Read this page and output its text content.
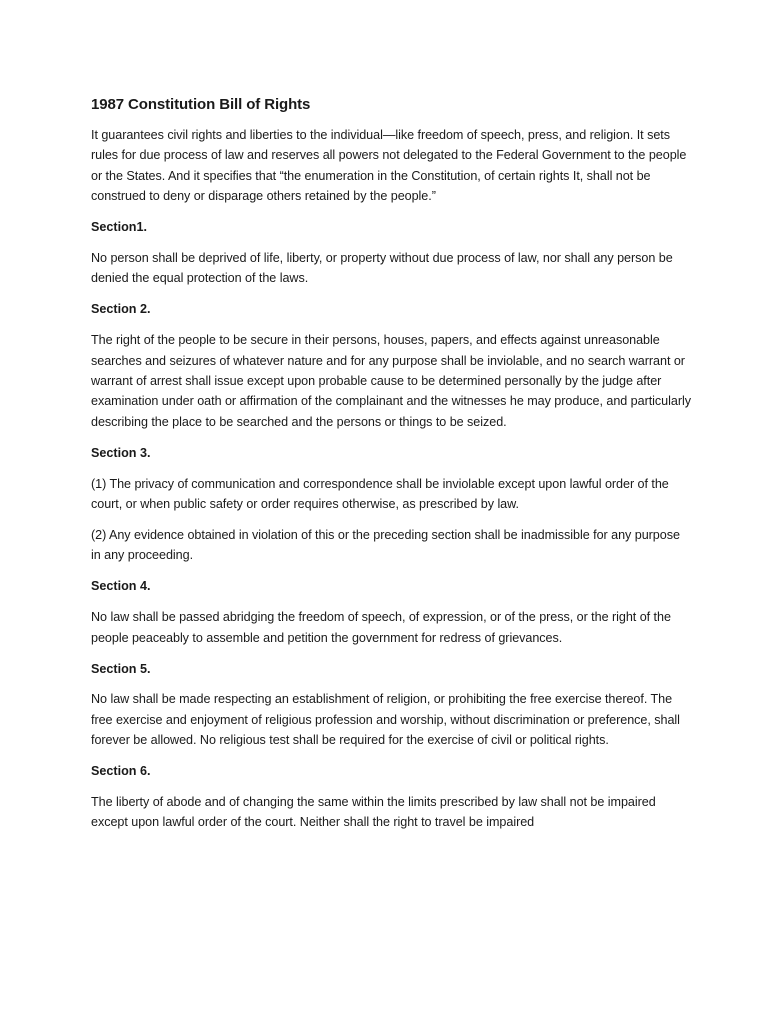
1987 Constitution Bill of Rights

It guarantees civil rights and liberties to the individual—like freedom of speech, press, and religion. It sets rules for due process of law and reserves all powers not delegated to the Federal Government to the people or the States. And it specifies that “the enumeration in the Constitution, of certain rights It, shall not be construed to deny or disparage others retained by the people.”

Section1.

No person shall be deprived of life, liberty, or property without due process of law, nor shall any person be denied the equal protection of the laws.

Section 2.

The right of the people to be secure in their persons, houses, papers, and effects against unreasonable searches and seizures of whatever nature and for any purpose shall be inviolable, and no search warrant or warrant of arrest shall issue except upon probable cause to be determined personally by the judge after examination under oath or affirmation of the complainant and the witnesses he may produce, and particularly describing the place to be searched and the persons or things to be seized.

Section 3.

(1) The privacy of communication and correspondence shall be inviolable except upon lawful order of the court, or when public safety or order requires otherwise, as prescribed by law.

(2) Any evidence obtained in violation of this or the preceding section shall be inadmissible for any purpose in any proceeding.

Section 4.

No law shall be passed abridging the freedom of speech, of expression, or of the press, or the right of the people peaceably to assemble and petition the government for redress of grievances.

Section 5.

No law shall be made respecting an establishment of religion, or prohibiting the free exercise thereof. The free exercise and enjoyment of religious profession and worship, without discrimination or preference, shall forever be allowed. No religious test shall be required for the exercise of civil or political rights.

Section 6.

The liberty of abode and of changing the same within the limits prescribed by law shall not be impaired except upon lawful order of the court. Neither shall the right to travel be impaired
